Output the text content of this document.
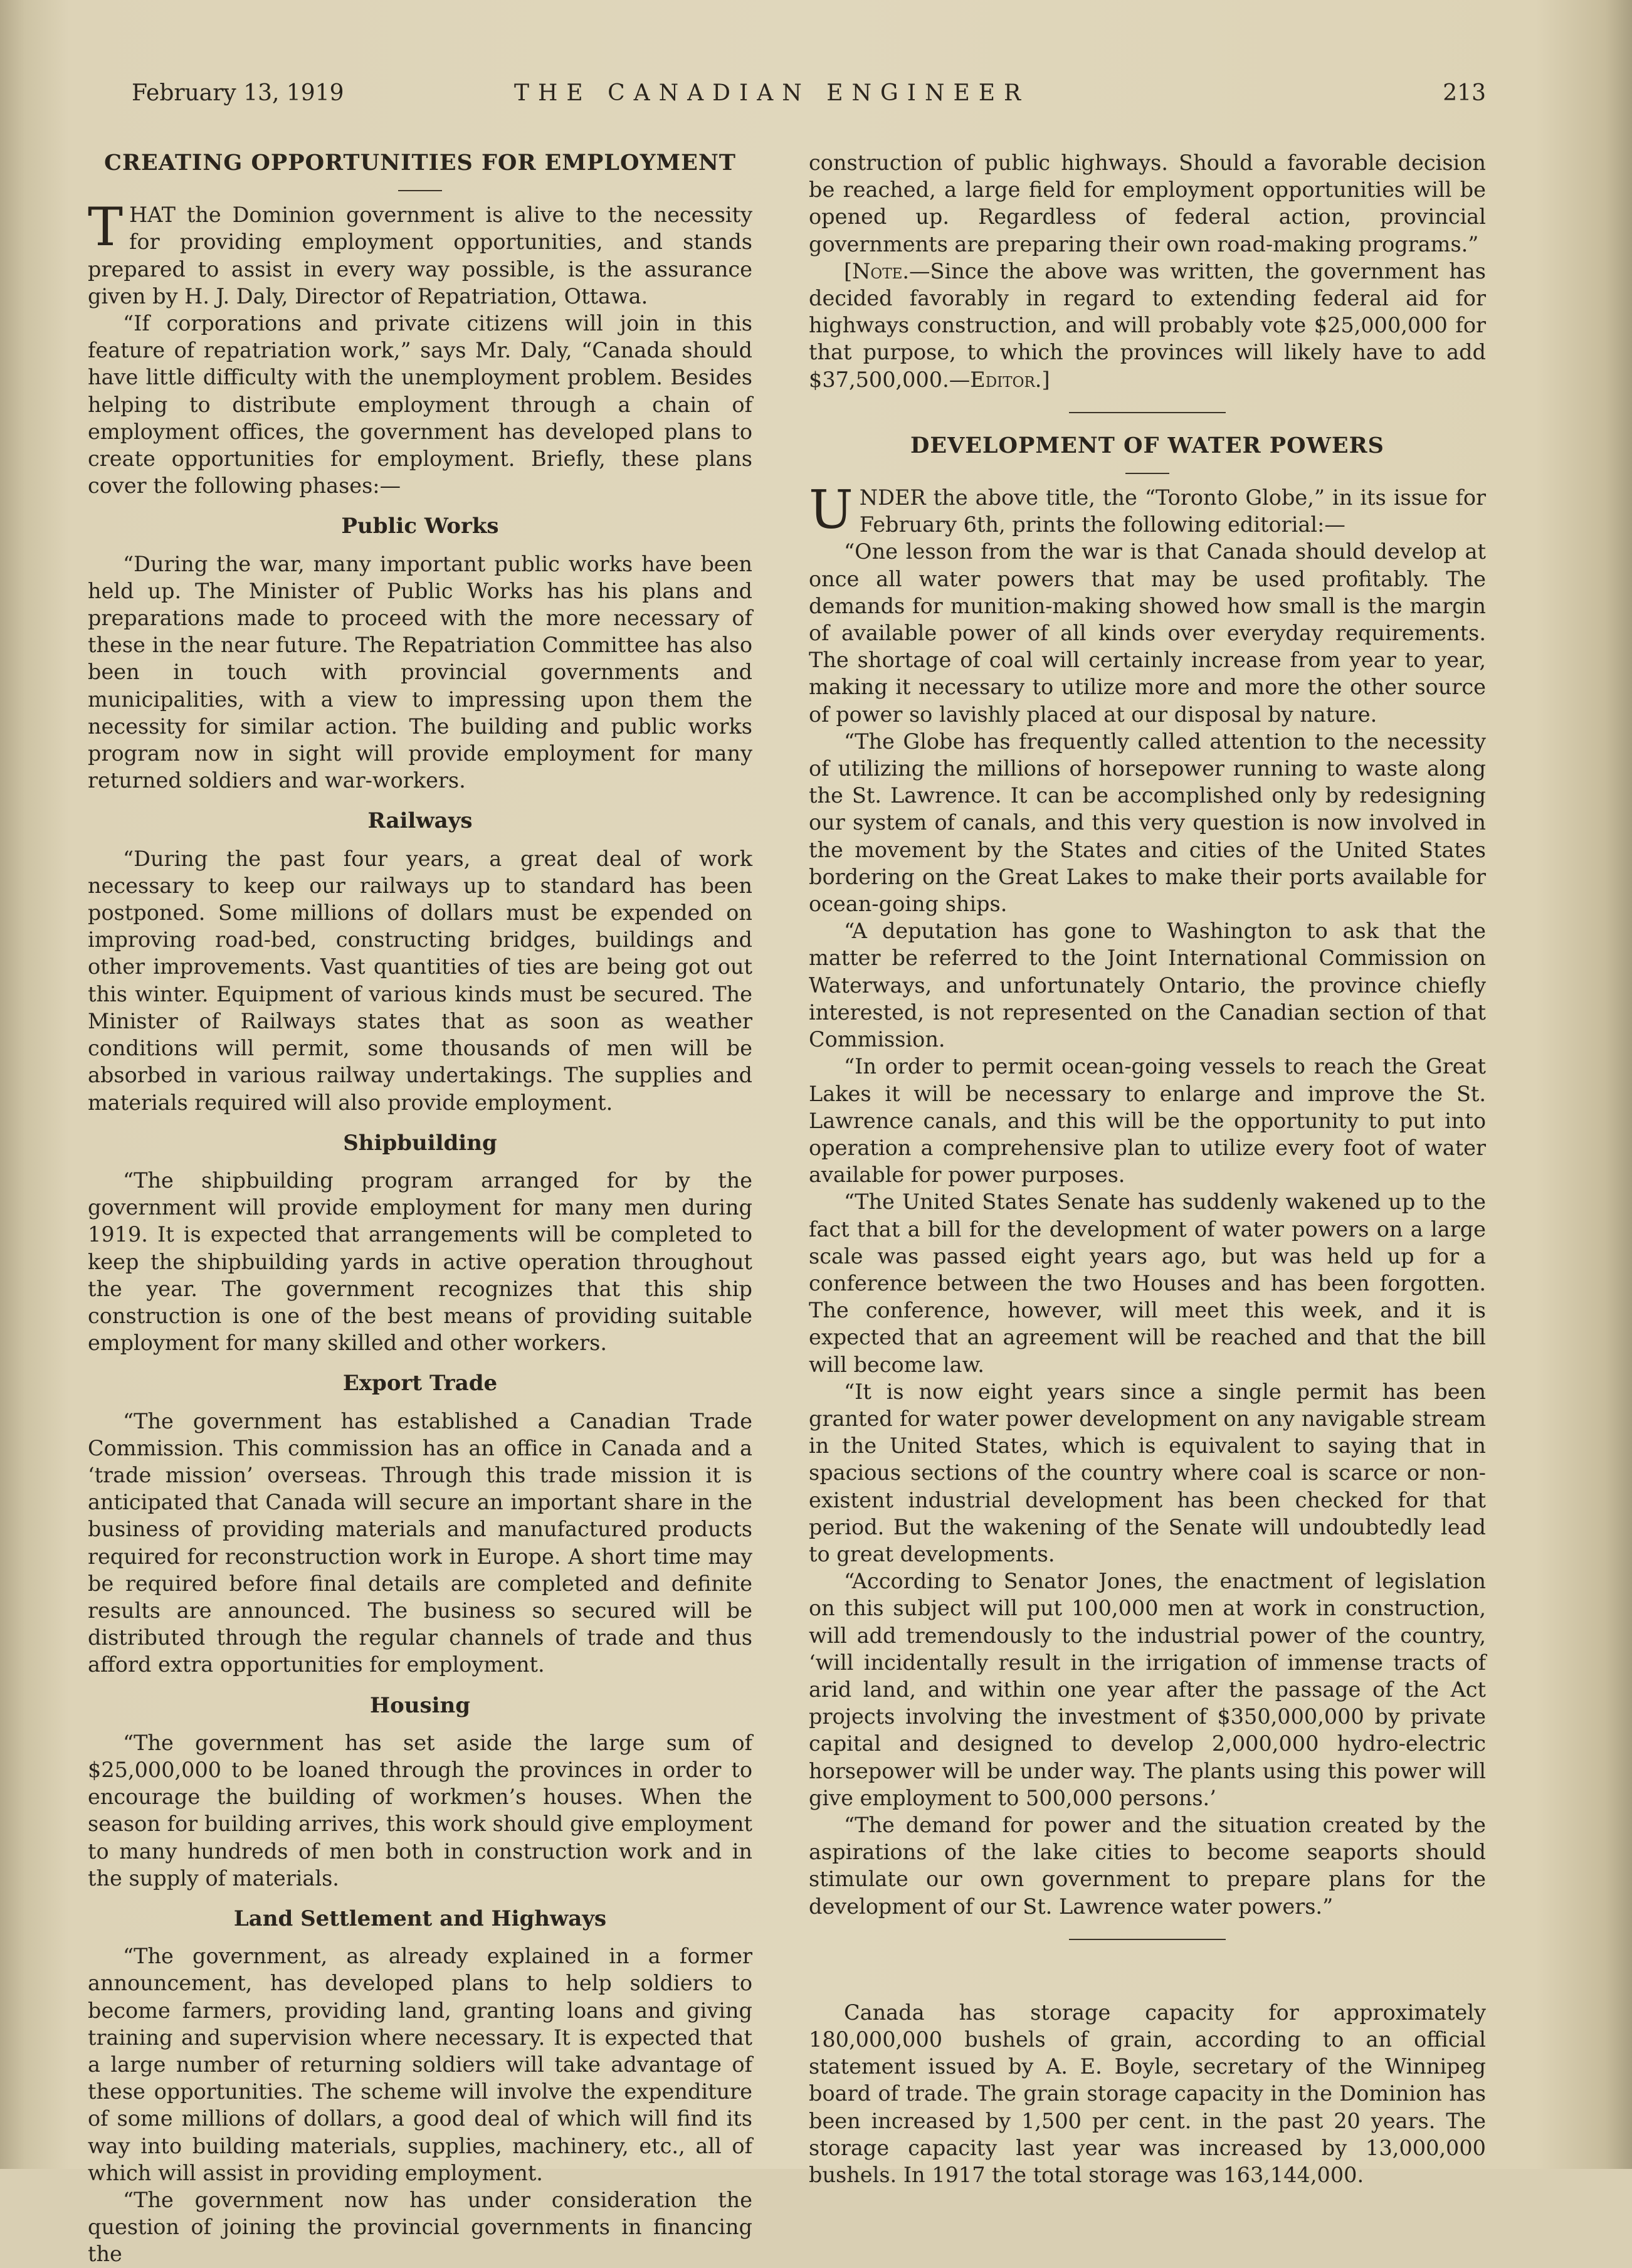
February 13, 1919	THE CANADIAN ENGINEER	213
CREATING OPPORTUNITIES FOR EMPLOYMENT

THAT the Dominion government is alive to the necessity for providing employment opportunities, and stands prepared to assist in every way possible, is the assurance given by H. J. Daly, Director of Repatriation, Ottawa.

“If corporations and private citizens will join in this feature of repatriation work,” says Mr. Daly, “Canada should have little difficulty with the unemployment problem. Besides helping to distribute employment through a chain of employment offices, the government has developed plans to create opportunities for employment. Briefly, these plans cover the following phases:—

Public Works

“During the war, many important public works have been held up. The Minister of Public Works has his plans and preparations made to proceed with the more necessary of these in the near future. The Repatriation Committee has also been in touch with provincial governments and municipalities, with a view to impressing upon them the necessity for similar action. The building and public works program now in sight will provide employment for many returned soldiers and war-workers.

Railways

“During the past four years, a great deal of work necessary to keep our railways up to standard has been postponed. Some millions of dollars must be expended on improving road-bed, constructing bridges, buildings and other improvements. Vast quantities of ties are being got out this winter. Equipment of various kinds must be secured. The Minister of Railways states that as soon as weather conditions will permit, some thousands of men will be absorbed in various railway undertakings. The supplies and materials required will also provide employment.

Shipbuilding

“The shipbuilding program arranged for by the government will provide employment for many men during 1919. It is expected that arrangements will be completed to keep the shipbuilding yards in active operation throughout the year. The government recognizes that this ship construction is one of the best means of providing suitable employment for many skilled and other workers.

Export Trade

“The government has established a Canadian Trade Commission. This commission has an office in Canada and a ‘trade mission’ overseas. Through this trade mission it is anticipated that Canada will secure an important share in the business of providing materials and manufactured products required for reconstruction work in Europe. A short time may be required before final details are completed and definite results are announced. The business so secured will be distributed through the regular channels of trade and thus afford extra opportunities for employment.

Housing

“The government has set aside the large sum of $25,000,000 to be loaned through the provinces in order to encourage the building of workmen’s houses. When the season for building arrives, this work should give employment to many hundreds of men both in construction work and in the supply of materials.

Land Settlement and Highways

“The government, as already explained in a former announcement, has developed plans to help soldiers to become farmers, providing land, granting loans and giving training and supervision where necessary. It is expected that a large number of returning soldiers will take advantage of these opportunities. The scheme will involve the expenditure of some millions of dollars, a good deal of which will find its way into building materials, supplies, machinery, etc., all of which will assist in providing employment.

“The government now has under consideration the question of joining the provincial governments in financing the

construction of public highways. Should a favorable decision be reached, a large field for employment opportunities will be opened up. Regardless of federal action, provincial governments are preparing their own road-making programs.”

[Note.—Since the above was written, the government has decided favorably in regard to extending federal aid for highways construction, and will probably vote $25,000,000 for that purpose, to which the provinces will likely have to add $37,500,000.—Editor.]

DEVELOPMENT OF WATER POWERS

UNDER the above title, the “Toronto Globe,” in its issue for February 6th, prints the following editorial:—

“One lesson from the war is that Canada should develop at once all water powers that may be used profitably. The demands for munition-making showed how small is the margin of available power of all kinds over everyday requirements. The shortage of coal will certainly increase from year to year, making it necessary to utilize more and more the other source of power so lavishly placed at our disposal by nature.

“The Globe has frequently called attention to the necessity of utilizing the millions of horsepower running to waste along the St. Lawrence. It can be accomplished only by redesigning our system of canals, and this very question is now involved in the movement by the States and cities of the United States bordering on the Great Lakes to make their ports available for ocean-going ships.

“A deputation has gone to Washington to ask that the matter be referred to the Joint International Commission on Waterways, and unfortunately Ontario, the province chiefly interested, is not represented on the Canadian section of that Commission.

“In order to permit ocean-going vessels to reach the Great Lakes it will be necessary to enlarge and improve the St. Lawrence canals, and this will be the opportunity to put into operation a comprehensive plan to utilize every foot of water available for power purposes.

“The United States Senate has suddenly wakened up to the fact that a bill for the development of water powers on a large scale was passed eight years ago, but was held up for a conference between the two Houses and has been forgotten. The conference, however, will meet this week, and it is expected that an agreement will be reached and that the bill will become law.

“It is now eight years since a single permit has been granted for water power development on any navigable stream in the United States, which is equivalent to saying that in spacious sections of the country where coal is scarce or non-existent industrial development has been checked for that period. But the wakening of the Senate will undoubtedly lead to great developments.

“According to Senator Jones, the enactment of legislation on this subject will put 100,000 men at work in construction, will add tremendously to the industrial power of the country, ‘will incidentally result in the irrigation of immense tracts of arid land, and within one year after the passage of the Act projects involving the investment of $350,000,000 by private capital and designed to develop 2,000,000 hydro-electric horsepower will be under way. The plants using this power will give employment to 500,000 persons.’

“The demand for power and the situation created by the aspirations of the lake cities to become seaports should stimulate our own government to prepare plans for the development of our St. Lawrence water powers.”

Canada has storage capacity for approximately 180,000,000 bushels of grain, according to an official statement issued by A. E. Boyle, secretary of the Winnipeg board of trade. The grain storage capacity in the Dominion has been increased by 1,500 per cent. in the past 20 years. The storage capacity last year was increased by 13,000,000 bushels. In 1917 the total storage was 163,144,000.
